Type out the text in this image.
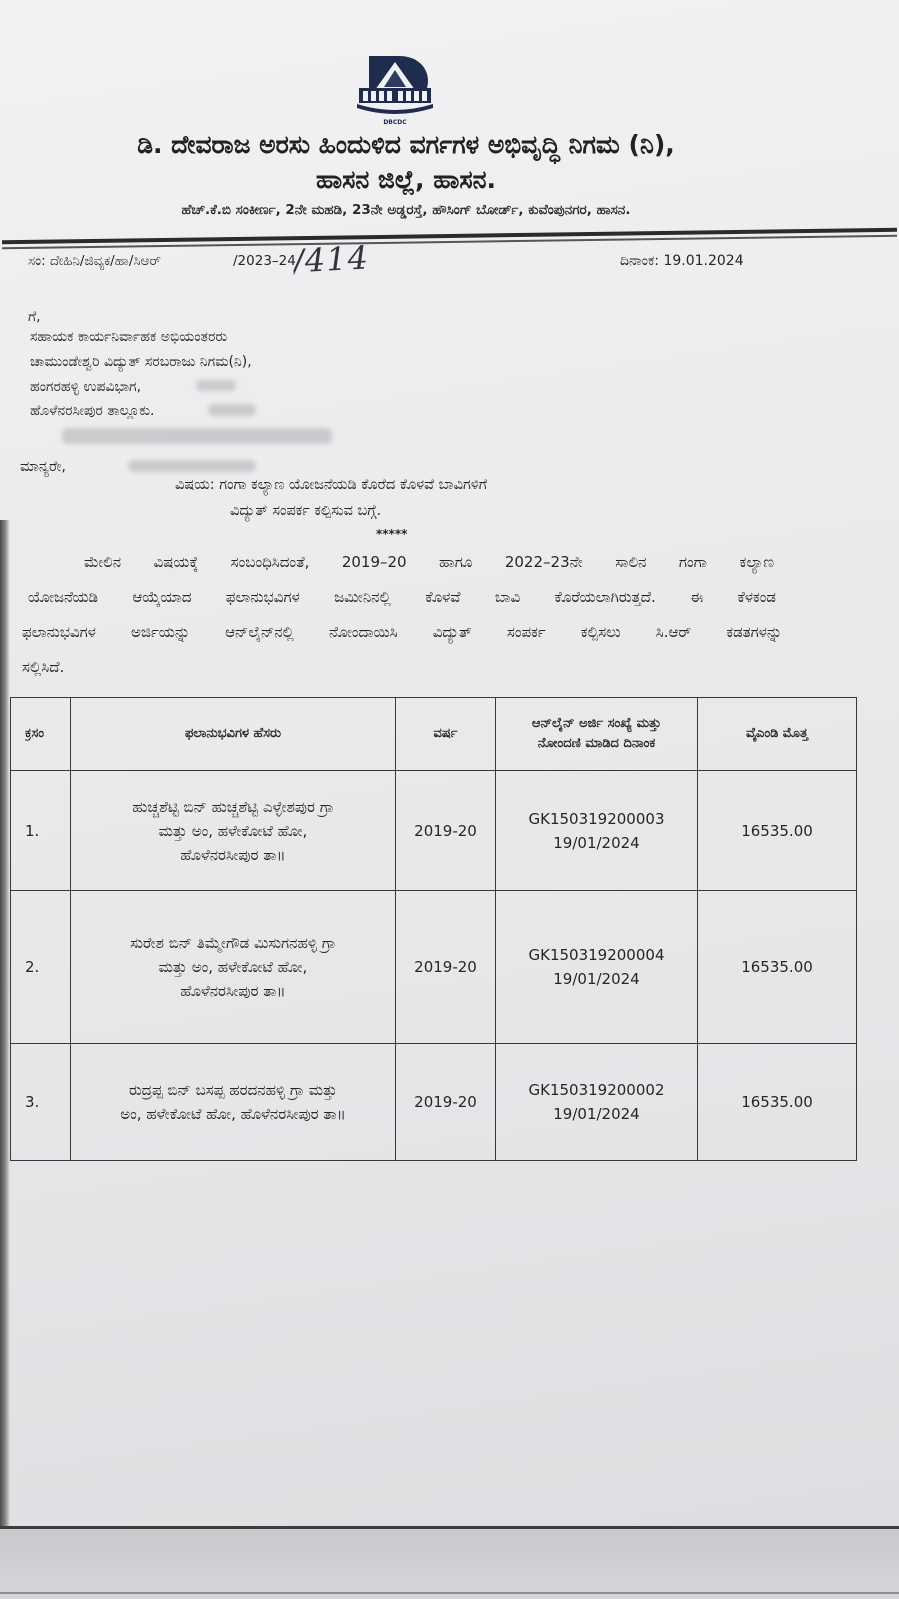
DBCDC
ಡಿ. ದೇವರಾಜ ಅರಸು ಹಿಂದುಳಿದ ವರ್ಗಗಳ ಅಭಿವೃದ್ಧಿ ನಿಗಮ (ನಿ),
ಹಾಸನ ಜಿಲ್ಲೆ, ಹಾಸನ.
ಹೆಚ್.ಕೆ.ಬಿ ಸಂಕೀರ್ಣ, 2ನೇ ಮಹಡಿ, 23ನೇ ಅಡ್ಡರಸ್ತೆ, ಹೌಸಿಂಗ್ ಬೋರ್ಡ್, ಕುವೆಂಪುನಗರ, ಹಾಸನ.
ಸಂ: ದೇಹಿನಿ/ಜಿವ್ಯಕ/ಹಾ/ಸಿಆರ್	/2023–24
/414	ದಿನಾಂಕ: 19.01.2024
ಗೆ,
ಸಹಾಯಕ ಕಾರ್ಯನಿರ್ವಾಹಕ ಅಭಿಯಂತರರು
ಚಾಮುಂಡೇಶ್ವರಿ ವಿದ್ಯುತ್ ಸರಬರಾಜು ನಿಗಮ(ನಿ),
ಹಂಗರಹಳ್ಳಿ ಉಪವಿಭಾಗ,
ಹೊಳೆನರಸೀಪುರ ತಾಲ್ಲೂಕು.
ಮಾನ್ಯರೇ,
ವಿಷಯ: ಗಂಗಾ ಕಲ್ಯಾಣ ಯೋಜನೆಯಡಿ ಕೊರೆದ ಕೊಳವೆ ಬಾವಿಗಳಿಗೆ
ವಿದ್ಯುತ್ ಸಂಪರ್ಕ ಕಲ್ಪಿಸುವ ಬಗ್ಗೆ.
*****
ಮೇಲಿನ ವಿಷಯಕ್ಕೆ ಸಂಬಂಧಿಸಿದಂತೆ, 2019–20 ಹಾಗೂ 2022–23ನೇ ಸಾಲಿನ ಗಂಗಾ ಕಲ್ಯಾಣ
ಯೋಜನೆಯಡಿ ಆಯ್ಕೆಯಾದ ಫಲಾನುಭವಿಗಳ ಜಮೀನಿನಲ್ಲಿ ಕೊಳವೆ ಬಾವಿ ಕೊರೆಯಲಾಗಿರುತ್ತದೆ. ಈ ಕೆಳಕಂಡ
ಫಲಾನುಭವಿಗಳ ಅರ್ಜಿಯನ್ನು ಆನ್‌ಲೈನ್‌ನಲ್ಲಿ ನೋಂದಾಯಿಸಿ ವಿದ್ಯುತ್ ಸಂಪರ್ಕ ಕಲ್ಪಿಸಲು ಸಿ.ಆರ್ ಕಡತಗಳನ್ನು
ಸಲ್ಲಿಸಿದೆ.
ಕ್ರಸಂ	ಫಲಾನುಭವಿಗಳ ಹೆಸರು	ವರ್ಷ	ಆನ್‌ಲೈನ್ ಅರ್ಜಿ ಸಂಖ್ಯೆ ಮತ್ತು
ನೋಂದಣಿ ಮಾಡಿದ ದಿನಾಂಕ	ವೈಎಂಡಿ ಮೊತ್ತ

1.	ಹುಚ್ಚಶೆಟ್ಟಿ ಬಿನ್ ಹುಚ್ಚಶೆಟ್ಟಿ ಎಳ್ಳೇಶಪುರ ಗ್ರಾ
ಮತ್ತು ಅಂ, ಹಳೇಕೋಟೆ ಹೋ,
ಹೊಳೆನರಸೀಪುರ ತಾ॥	2019-20	GK150319200003
19/01/2024	16535.00
2.	ಸುರೇಶ ಬಿನ್ ತಿಮ್ಮೇಗೌಡ ಮಿಸುಗನಹಳ್ಳಿ ಗ್ರಾ
ಮತ್ತು ಅಂ, ಹಳೇಕೋಟೆ ಹೋ,
ಹೊಳೆನರಸೀಪುರ ತಾ॥	2019-20	GK150319200004
19/01/2024	16535.00
3.	ರುದ್ರಪ್ಪ ಬಿನ್ ಬಸಪ್ಪ ಹರದನಹಳ್ಳಿ ಗ್ರಾ ಮತ್ತು
ಅಂ, ಹಳೇಕೋಟೆ ಹೋ, ಹೊಳೆನರಸೀಪುರ ತಾ॥	2019-20	GK150319200002
19/01/2024	16535.00
